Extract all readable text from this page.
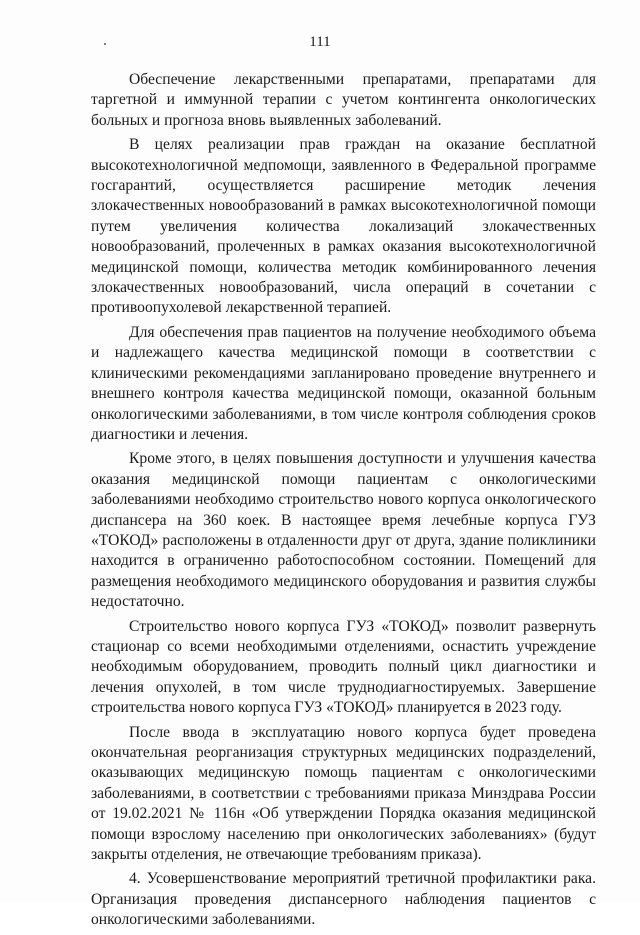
111

Обеспечение лекарственными препаратами, препаратами для таргетной и иммунной терапии с учетом контингента онкологических больных и прогноза вновь выявленных заболеваний.

В целях реализации прав граждан на оказание бесплатной высокотехнологичной медпомощи, заявленного в Федеральной программе госгарантий, осуществляется расширение методик лечения злокачественных новообразований в рамках высокотехнологичной помощи путем увеличения количества локализаций злокачественных новообразований, пролеченных в рамках оказания высокотехнологичной медицинской помощи, количества методик комбинированного лечения злокачественных новообразований, числа операций в сочетании с противоопухолевой лекарственной терапией.

Для обеспечения прав пациентов на получение необходимого объема и надлежащего качества медицинской помощи в соответствии с клиническими рекомендациями запланировано проведение внутреннего и внешнего контроля качества медицинской помощи, оказанной больным онкологическими заболеваниями, в том числе контроля соблюдения сроков диагностики и лечения.

Кроме этого, в целях повышения доступности и улучшения качества оказания медицинской помощи пациентам с онкологическими заболеваниями необходимо строительство нового корпуса онкологического диспансера на 360 коек. В настоящее время лечебные корпуса ГУЗ «ТОКОД» расположены в отдаленности друг от друга, здание поликлиники находится в ограниченно работоспособном состоянии. Помещений для размещения необходимого медицинского оборудования и развития службы недостаточно.

Строительство нового корпуса ГУЗ «ТОКОД» позволит развернуть стационар со всеми необходимыми отделениями, оснастить учреждение необходимым оборудованием, проводить полный цикл диагностики и лечения опухолей, в том числе труднодиагностируемых. Завершение строительства нового корпуса ГУЗ «ТОКОД» планируется в 2023 году.

После ввода в эксплуатацию нового корпуса будет проведена окончательная реорганизация структурных медицинских подразделений, оказывающих медицинскую помощь пациентам с онкологическими заболеваниями, в соответствии с требованиями приказа Минздрава России от 19.02.2021 № 116н «Об утверждении Порядка оказания медицинской помощи взрослому населению при онкологических заболеваниях» (будут закрыты отделения, не отвечающие требованиям приказа).

4. Усовершенствование мероприятий третичной профилактики рака. Организация проведения диспансерного наблюдения пациентов с онкологическими заболеваниями.
